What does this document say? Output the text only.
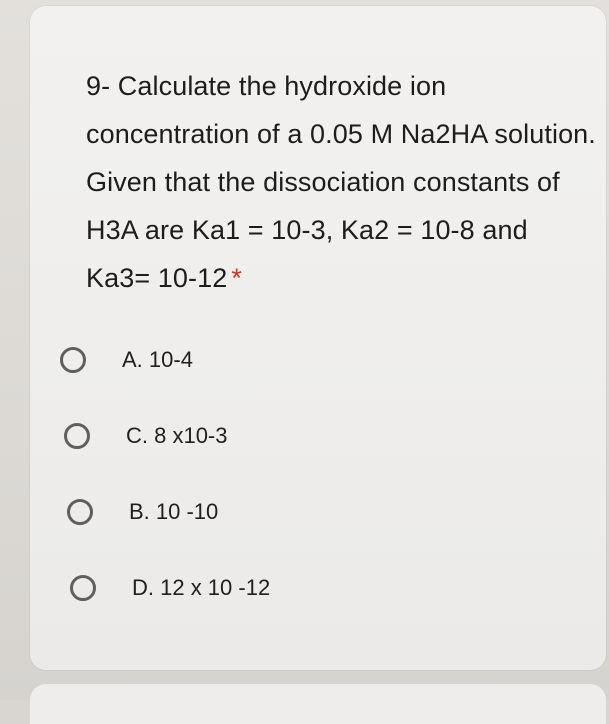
9- Calculate the hydroxide ion concentration of a 0.05 M Na2HA solution. Given that the dissociation constants of H3A are Ka1 = 10-3, Ka2 = 10-8 and Ka3= 10-12 *
A. 10-4
C. 8 x10-3
B. 10 -10
D. 12 x 10 -12
